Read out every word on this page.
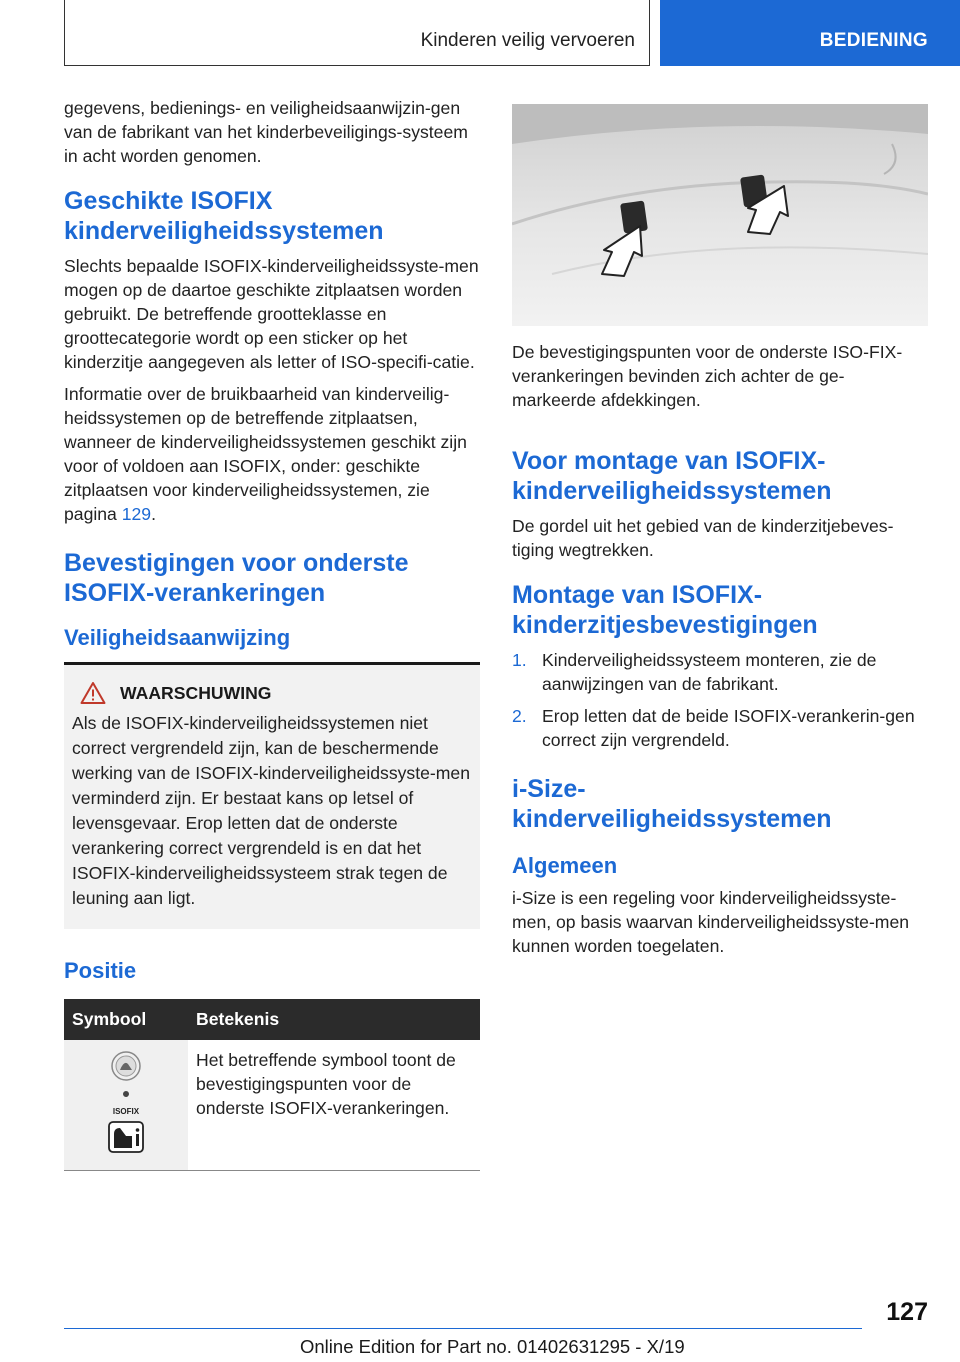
Kinderen veilig vervoeren	BEDIENING

gegevens, bedienings- en veiligheidsaanwijzin-gen van de fabrikant van het kinderbeveiligings-systeem in acht worden genomen.

Geschikte ISOFIX kinderveiligheidssystemen

Slechts bepaalde ISOFIX-kinderveiligheidssyste-men mogen op de daartoe geschikte zitplaatsen worden gebruikt. De betreffende grootteklasse en groottecategorie wordt op een sticker op het kinderzitje aangegeven als letter of ISO-specifi-catie.

Informatie over de bruikbaarheid van kinderveilig-heidssystemen op de betreffende zitplaatsen, wanneer de kinderveiligheidssystemen geschikt zijn voor of voldoen aan ISOFIX, onder: geschikte zitplaatsen voor kinderveiligheidssystemen, zie pagina 129.

Bevestigingen voor onderste ISOFIX-verankeringen
Veiligheidsaanwijzing
WAARSCHUWING

Als de ISOFIX-kinderveiligheidssystemen niet correct vergrendeld zijn, kan de beschermende werking van de ISOFIX-kinderveiligheidssyste-men verminderd zijn. Er bestaat kans op letsel of levensgevaar. Erop letten dat de onderste verankering correct vergrendeld is en dat het ISOFIX-kinderveiligheidssysteem strak tegen de leuning aan ligt.

Positie
Symbool	Betekenis

ISOFIX	Het betreffende symbool toont de bevestigingspunten voor de onderste ISOFIX-verankeringen.

De bevestigingspunten voor de onderste ISO-FIX-verankeringen bevinden zich achter de ge-markeerde afdekkingen.

Voor montage van ISOFIX-kinderveiligheidssystemen

De gordel uit het gebied van de kinderzitjebeves-tiging wegtrekken.

Montage van ISOFIX-kinderzitjesbevestigingen
1. Kinderveiligheidssysteem monteren, zie de aanwijzingen van de fabrikant.
2. Erop letten dat de beide ISOFIX-verankerin-gen correct zijn vergrendeld.
i-Size-kinderveiligheidssystemen
Algemeen

i-Size is een regeling voor kinderveiligheidssyste-men, op basis waarvan kinderveiligheidssyste-men kunnen worden toegelaten.

127
Online Edition for Part no. 01402631295 - X/19
